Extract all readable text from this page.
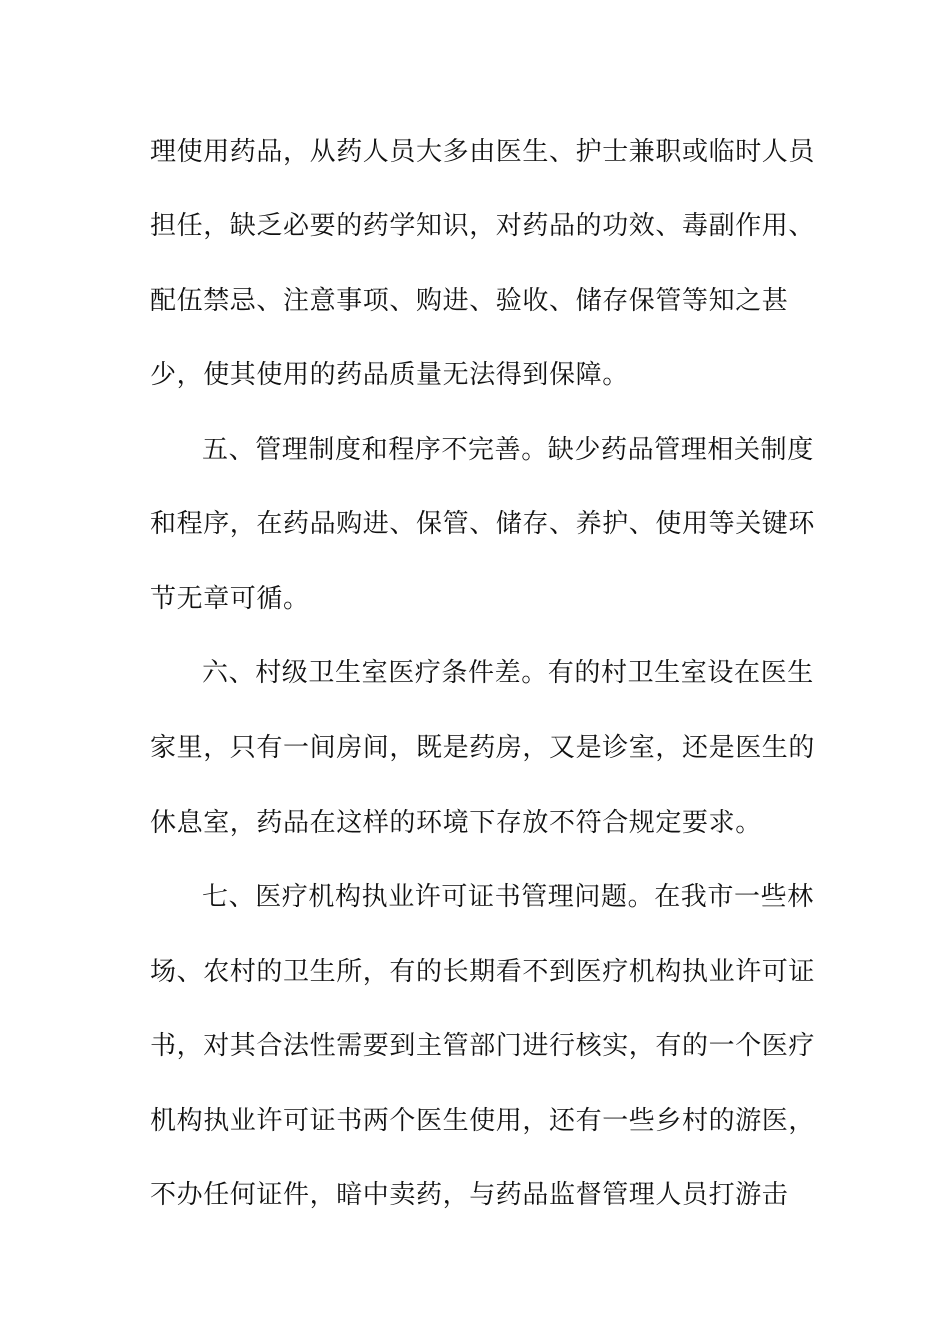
理使用药品，从药人员大多由医生、护士兼职或临时人员

担任，缺乏必要的药学知识，对药品的功效、毒副作用、

配伍禁忌、注意事项、购进、验收、储存保管等知之甚

少，使其使用的药品质量无法得到保障。

五、管理制度和程序不完善。缺少药品管理相关制度

和程序，在药品购进、保管、储存、养护、使用等关键环

节无章可循。

六、村级卫生室医疗条件差。有的村卫生室设在医生

家里，只有一间房间，既是药房，又是诊室，还是医生的

休息室，药品在这样的环境下存放不符合规定要求。

七、医疗机构执业许可证书管理问题。在我市一些林

场、农村的卫生所，有的长期看不到医疗机构执业许可证

书，对其合法性需要到主管部门进行核实，有的一个医疗

机构执业许可证书两个医生使用，还有一些乡村的游医，

不办任何证件，暗中卖药，与药品监督管理人员打游击
